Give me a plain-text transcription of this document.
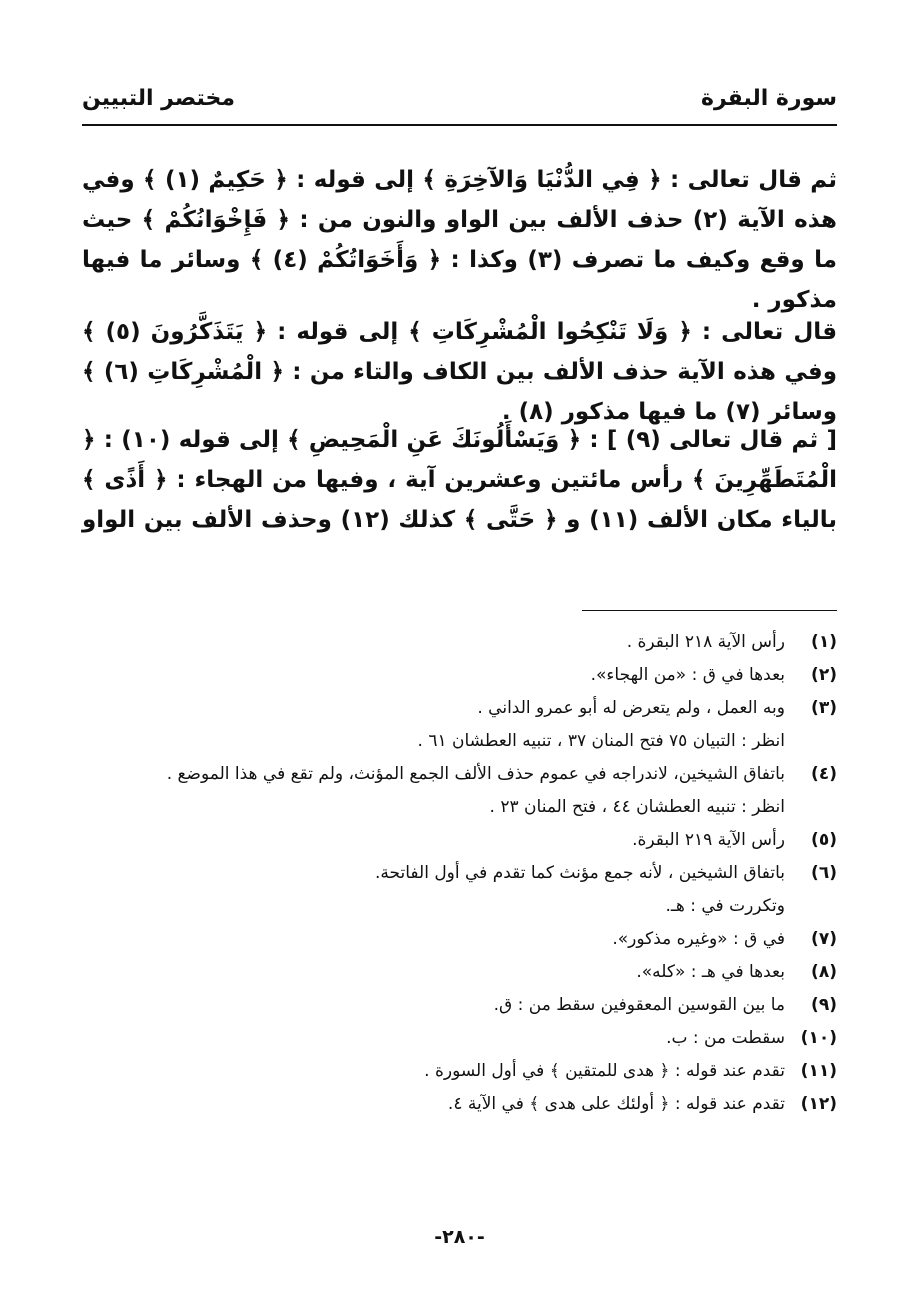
سورة البقرة
مختصر التبيين
ثم قال تعالى : ﴿ فِي الدُّنْيَا وَالآخِرَةِ ﴾ إلى قوله : ﴿ حَكِيمٌ (١) ﴾ وفي هذه الآية (٢) حذف الألف بين الواو والنون من : ﴿ فَإِخْوَانُكُمْ ﴾ حيث ما وقع وكيف ما تصرف (٣) وكذا : ﴿ وَأَخَوَاتُكُمْ (٤) ﴾ وسائر ما فيها مذكور .
قال تعالى : ﴿ وَلَا تَنْكِحُوا الْمُشْرِكَاتِ ﴾ إلى قوله : ﴿ يَتَذَكَّرُونَ (٥) ﴾ وفي هذه الآية حذف الألف بين الكاف والتاء من : ﴿ الْمُشْرِكَاتِ (٦) ﴾ وسائر (٧) ما فيها مذكور (٨) .
[ ثم قال تعالى (٩) ] : ﴿ وَيَسْأَلُونَكَ عَنِ الْمَحِيضِ ﴾ إلى قوله (١٠) : ﴿ الْمُتَطَهِّرِينَ ﴾ رأس مائتين وعشرين آية ، وفيها من الهجاء : ﴿ أَذًى ﴾ بالياء مكان الألف (١١) و ﴿ حَتَّى ﴾ كذلك (١٢) وحذف الألف بين الواو
(١)
رأس الآية ٢١٨ البقرة .
(٢)
بعدها في ق : «من الهجاء».
(٣)
وبه العمل ، ولم يتعرض له أبو عمرو الداني .
انظر : التبيان ٧٥ فتح المنان ٣٧ ، تنبيه العطشان ٦١ .
(٤)
باتفاق الشيخين، لاندراجه في عموم حذف الألف الجمع المؤنث، ولم تقع في هذا الموضع .
انظر : تنبيه العطشان ٤٤ ، فتح المنان ٢٣ .
(٥)
رأس الآية ٢١٩ البقرة.
(٦)
باتفاق الشيخين ، لأنه جمع مؤنث كما تقدم في أول الفاتحة.
وتكررت في : هـ.
(٧)
في ق : «وغيره مذكور».
(٨)
بعدها في هـ : «كله».
(٩)
ما بين القوسين المعقوفين سقط من : ق.
(١٠)
سقطت من : ب.
(١١)
تقدم عند قوله : ﴿ هدى للمتقين ﴾ في أول السورة .
(١٢)
تقدم عند قوله : ﴿ أولئك على هدى ﴾ في الآية ٤.
-٢٨٠-
